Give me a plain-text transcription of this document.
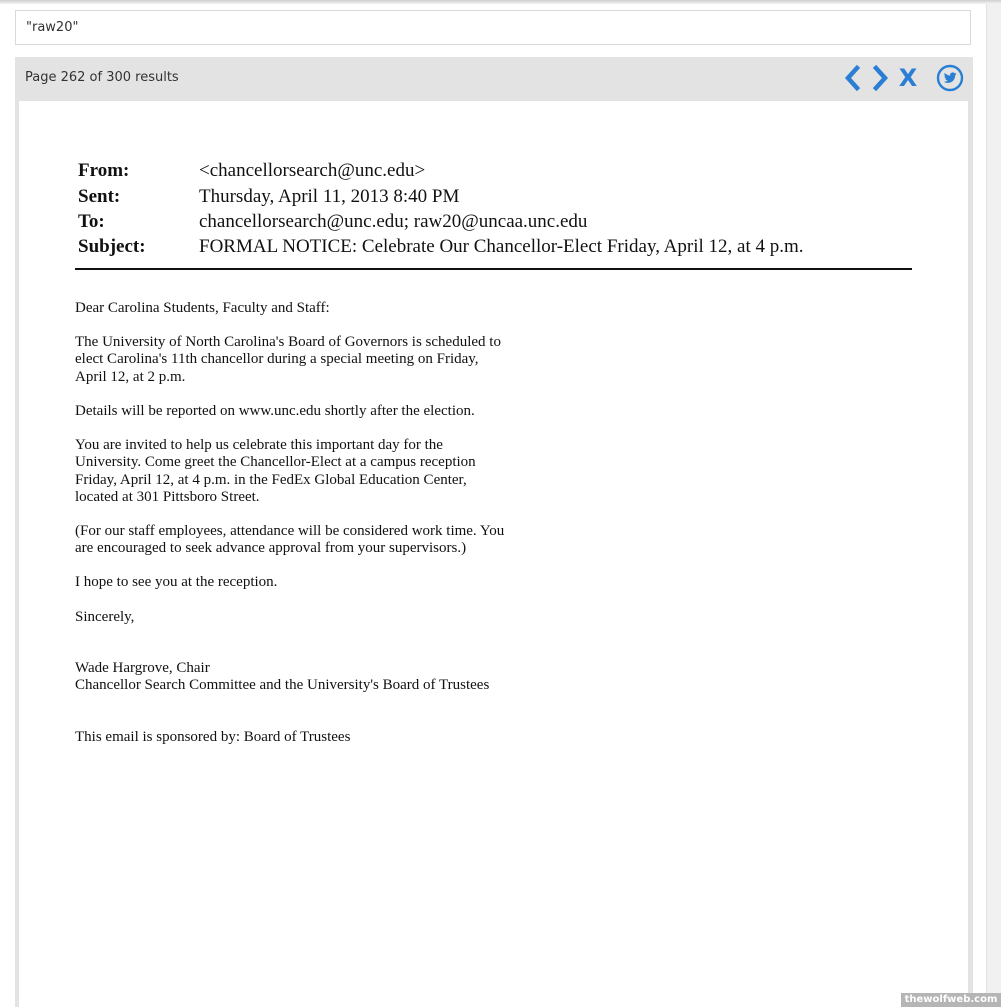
"raw20"
Page 262 of 300 results	X
From:	<chancellorsearch@unc.edu>
Sent:	Thursday, April 11, 2013 8:40 PM
To:	chancellorsearch@unc.edu; raw20@uncaa.unc.edu
Subject:	FORMAL NOTICE: Celebrate Our Chancellor-Elect Friday, April 12, at 4 p.m.
Dear Carolina Students, Faculty and Staff:
The University of North Carolina's Board of Governors is scheduled to
elect Carolina's 11th chancellor during a special meeting on Friday,
April 12, at 2 p.m.
Details will be reported on www.unc.edu shortly after the election.
You are invited to help us celebrate this important day for the
University. Come greet the Chancellor-Elect at a campus reception
Friday, April 12, at 4 p.m. in the FedEx Global Education Center,
located at 301 Pittsboro Street.
(For our staff employees, attendance will be considered work time. You
are encouraged to seek advance approval from your supervisors.)
I hope to see you at the reception.
Sincerely,
Wade Hargrove, Chair
Chancellor Search Committee and the University's Board of Trustees
This email is sponsored by: Board of Trustees
thewolfweb.com
